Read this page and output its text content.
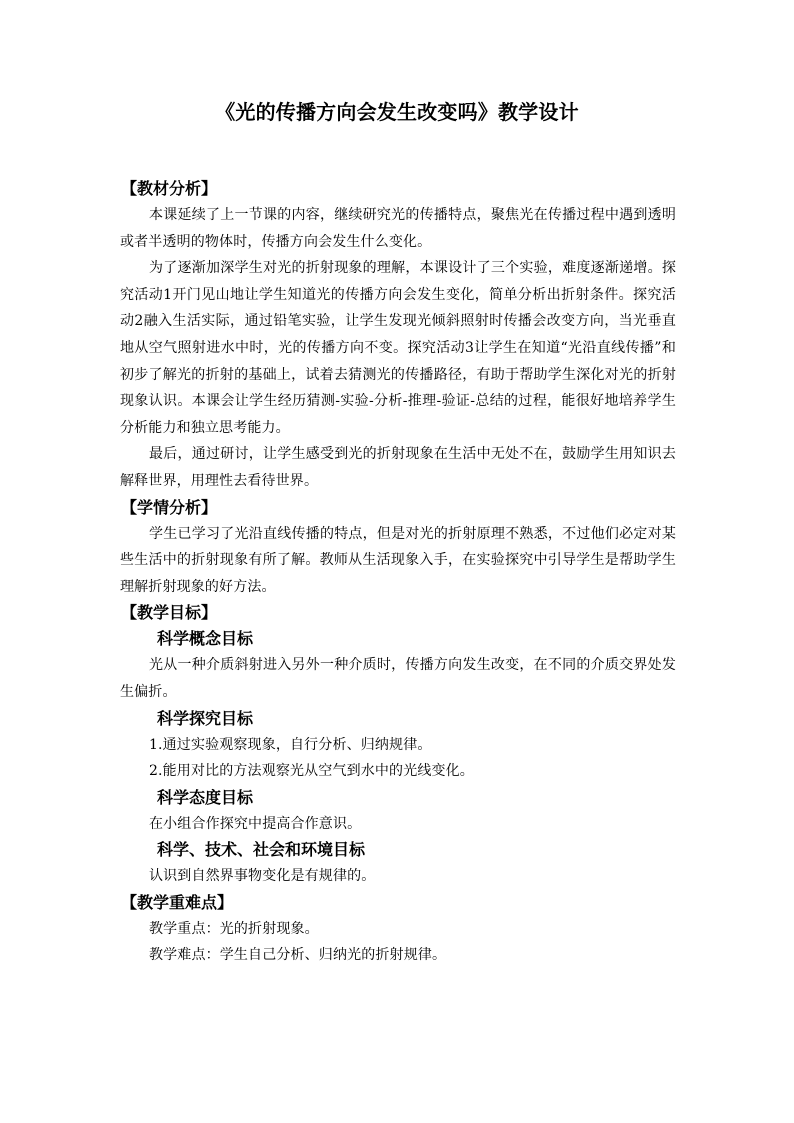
《光的传播方向会发生改变吗》教学设计
【教材分析】
本课延续了上一节课的内容，继续研究光的传播特点，聚焦光在传播过程中遇到透明或者半透明的物体时，传播方向会发生什么变化。
为了逐渐加深学生对光的折射现象的理解，本课设计了三个实验，难度逐渐递增。探究活动1开门见山地让学生知道光的传播方向会发生变化，简单分析出折射条件。探究活动2融入生活实际，通过铅笔实验，让学生发现光倾斜照射时传播会改变方向，当光垂直地从空气照射进水中时，光的传播方向不变。探究活动3让学生在知道“光沿直线传播”和初步了解光的折射的基础上，试着去猜测光的传播路径，有助于帮助学生深化对光的折射现象认识。本课会让学生经历猜测-实验-分析-推理-验证-总结的过程，能很好地培养学生分析能力和独立思考能力。
最后，通过研讨，让学生感受到光的折射现象在生活中无处不在，鼓励学生用知识去解释世界，用理性去看待世界。
【学情分析】
学生已学习了光沿直线传播的特点，但是对光的折射原理不熟悉，不过他们必定对某些生活中的折射现象有所了解。教师从生活现象入手，在实验探究中引导学生是帮助学生理解折射现象的好方法。
【教学目标】
科学概念目标
光从一种介质斜射进入另外一种介质时，传播方向发生改变，在不同的介质交界处发生偏折。
科学探究目标
1.通过实验观察现象，自行分析、归纳规律。
2.能用对比的方法观察光从空气到水中的光线变化。
科学态度目标
在小组合作探究中提高合作意识。
科学、技术、社会和环境目标
认识到自然界事物变化是有规律的。
【教学重难点】
教学重点：光的折射现象。
教学难点：学生自己分析、归纳光的折射规律。
